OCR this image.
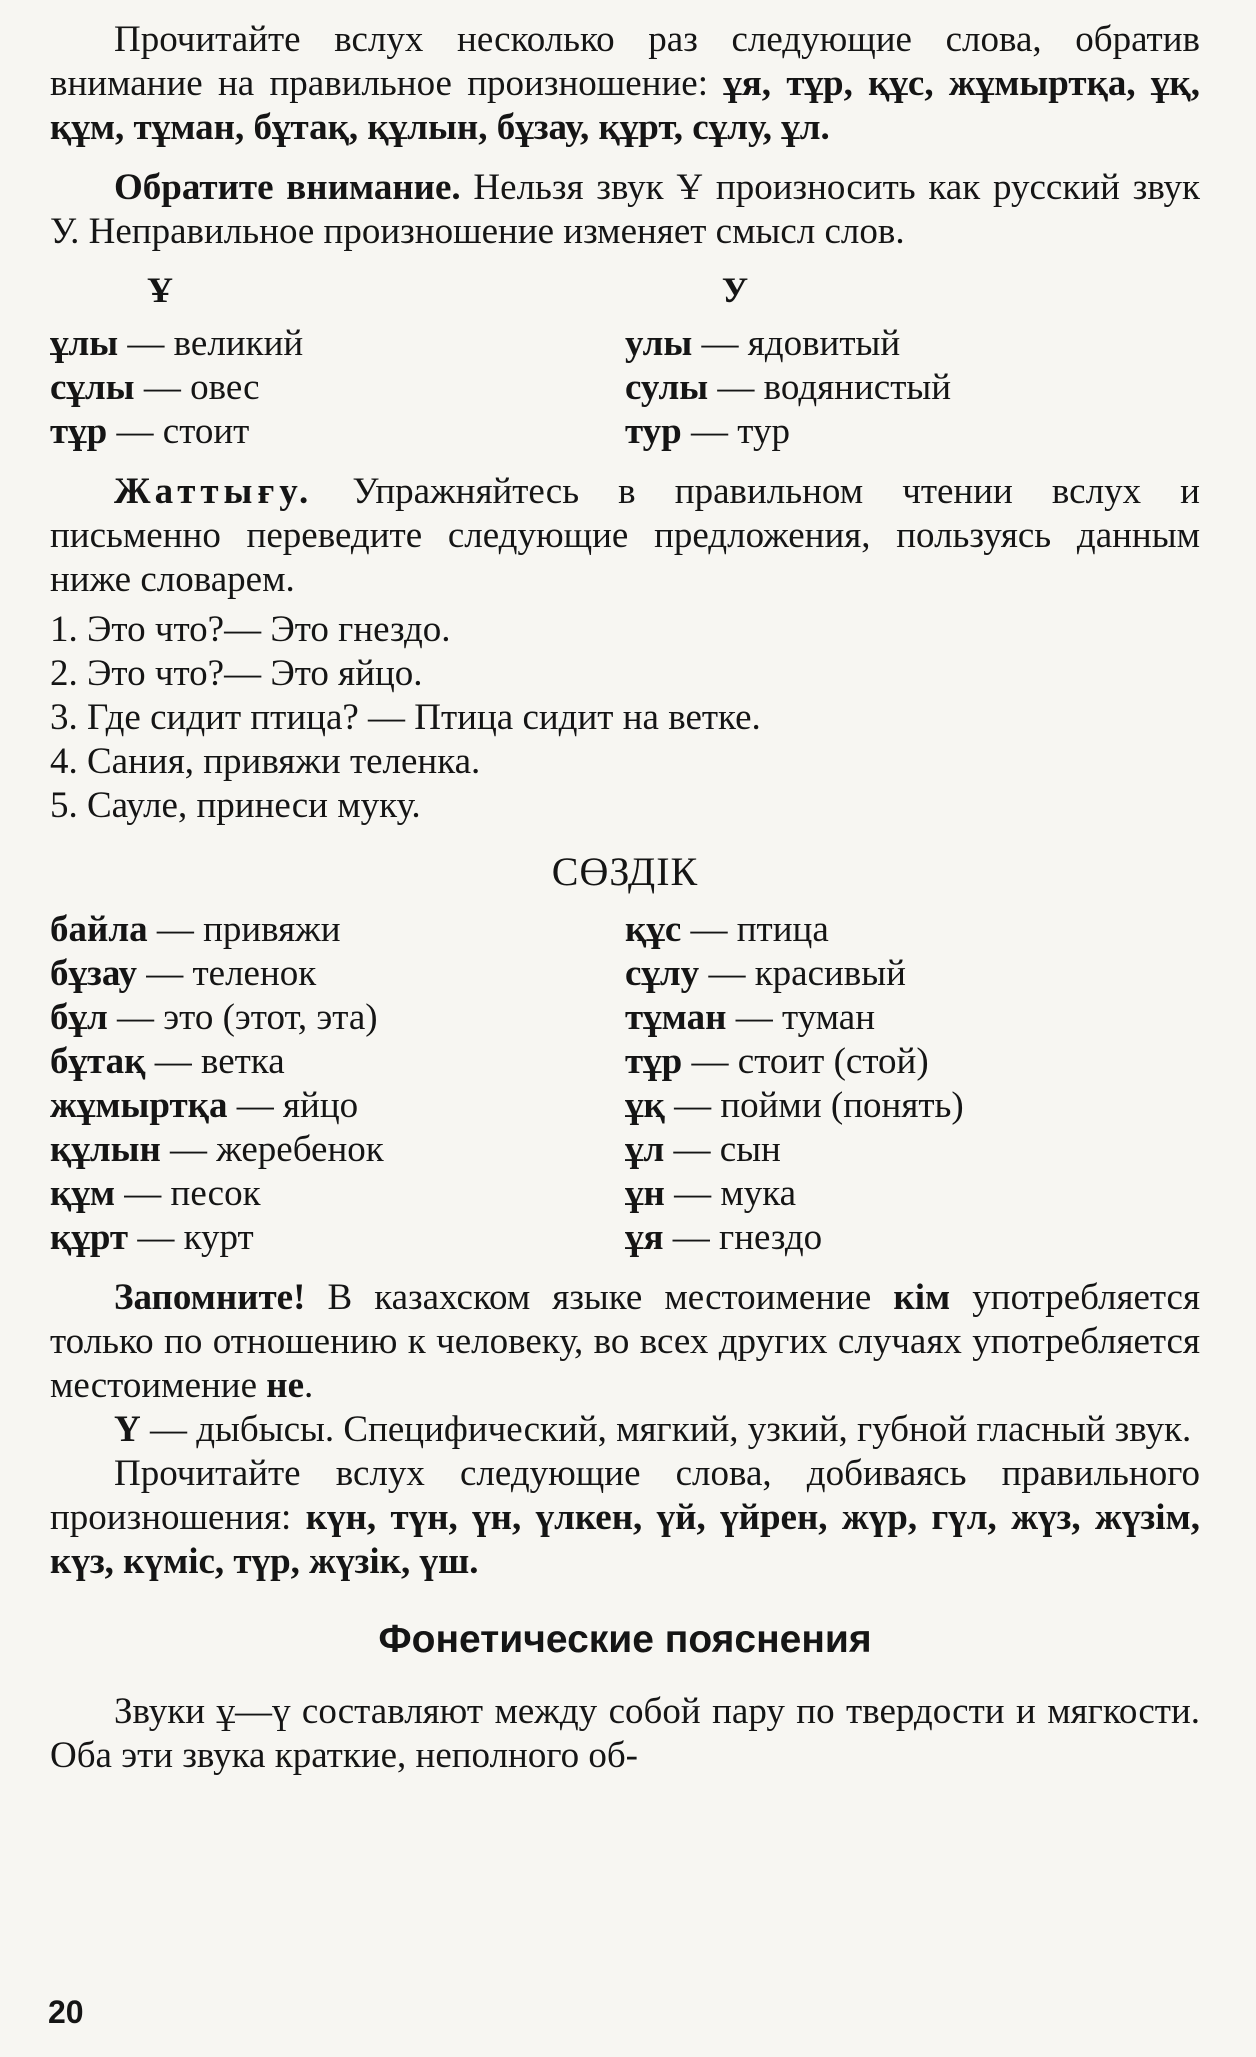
Прочитайте вслух несколько раз следующие слова, обратив внимание на правильное произношение: ұя, тұр, құс, жұмыртқа, ұқ, құм, тұман, бұтақ, құлын, бұзау, құрт, сұлу, ұл.

Обратите внимание. Нельзя звук Ұ произносить как русский звук У. Неправильное произношение изменяет смысл слов.

Ұ
ұлы — великий
сұлы — овес
тұр — стоит
У
улы — ядовитый
сулы — водянистый
тур — тур

Жаттығу. Упражняйтесь в правильном чтении вслух и письменно переведите следующие предложения, пользуясь данным ниже словарем.

1. Это что?— Это гнездо.
2. Это что?— Это яйцо.
3. Где сидит птица? — Птица сидит на ветке.
4. Сания, привяжи теленка.
5. Сауле, принеси муку.
СӨЗДІК
байла — привяжи
бұзау — теленок
бұл — это (этот, эта)
бұтақ — ветка
жұмыртқа — яйцо
құлын — жеребенок
құм — песок
құрт — курт
құс — птица
сұлу — красивый
тұман — туман
тұр — стоит (стой)
ұқ — пойми (понять)
ұл — сын
ұн — мука
ұя — гнездо

Запомните! В казахском языке местоимение кім употребляется только по отношению к человеку, во всех других случаях употребляется местоимение не.

Ү — дыбысы. Специфический, мягкий, узкий, губной гласный звук.

Прочитайте вслух следующие слова, добиваясь правильного произношения: күн, түн, үн, үлкен, үй, үйрен, жүр, гүл, жүз, жүзім, күз, күміс, түр, жүзік, үш.

Фонетические пояснения

Звуки ұ—ү составляют между собой пару по твердости и мягкости. Оба эти звука краткие, неполного об-

20
